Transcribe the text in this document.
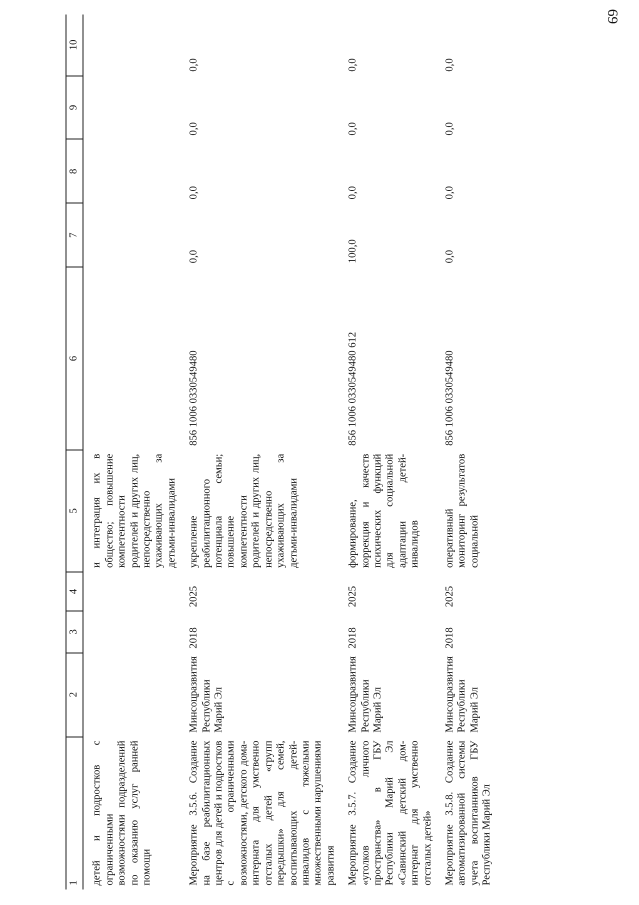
69
1	2	3	4	5	6	7	8	9	10
детей и подростков с ограниченными возможностями подразделений по оказанию услуг ранней помощи				и интеграция их в общество; повышение компетентности родителей и других лиц, непосредственно ухаживающих за детьми-инвалидами					
Мероприятие 3.5.6. Создание на базе реабилитационных центров для детей и подростков с ограниченными возможностями, детского дома-интерната для умственно отсталых детей «групп передышки» для семей, воспитывающих детей-инвалидов с тяжелыми множественными нарушениями развития	Минсоцразвития Республики Марий Эл	2018	2025	укрепление реабилитационного потенциала семьи; повышение компетентности родителей и других лиц, непосредственно ухаживающих за детьми-инвалидами	856 1006 0330549480	0,0	0,0	0,0	0,0
Мероприятие 3.5.7. Создание «уголков личного пространства» в ГБУ Республики Марий Эл «Савинский детский дом-интернат для умственно отсталых детей»	Минсоцразвития Республики Марий Эл	2018	2025	формирование, коррекция и качеств психических функций для социальной адаптации детей-инвалидов	856 1006 0330549480 612	100,0	0,0	0,0	0,0
Мероприятие 3.5.8. Создание автоматизированной системы учета воспитанников ГБУ Республики Марий Эл	Минсоцразвития Республики Марий Эл	2018	2025	оперативный мониторинг результатов социальной	856 1006 0330549480	0,0	0,0	0,0	0,0
